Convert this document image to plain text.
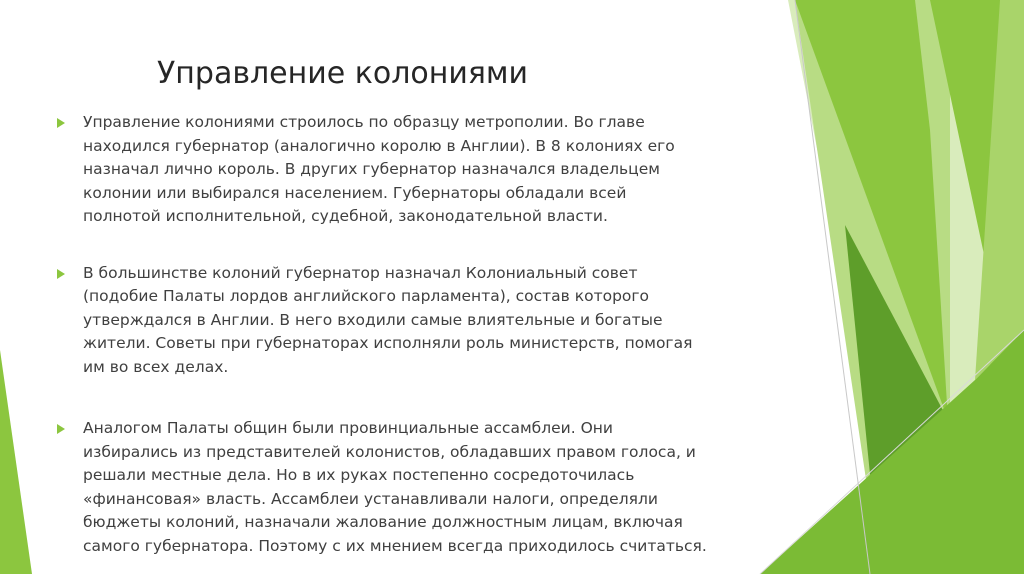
Управление колониями
Управление колониями строилось по образцу метрополии. Во главе
находился губернатор (аналогично королю в Англии). В 8 колониях его
назначал лично король. В других губернатор назначался владельцем
колонии или выбирался населением. Губернаторы обладали всей
полнотой исполнительной, судебной, законодательной власти.
В большинстве колоний губернатор назначал Колониальный совет
(подобие Палаты лордов английского парламента), состав которого
утверждался в Англии. В него входили самые влиятельные и богатые
жители. Советы при губернаторах исполняли роль министерств, помогая
им во всех делах.
Аналогом Палаты общин были провинциальные ассамблеи. Они
избирались из представителей колонистов, обладавших правом голоса, и
решали местные дела. Но в их руках постепенно сосредоточилась
«финансовая» власть. Ассамблеи устанавливали налоги, определяли
бюджеты колоний, назначали жалование должностным лицам, включая
самого губернатора. Поэтому с их мнением всегда приходилось считаться.
